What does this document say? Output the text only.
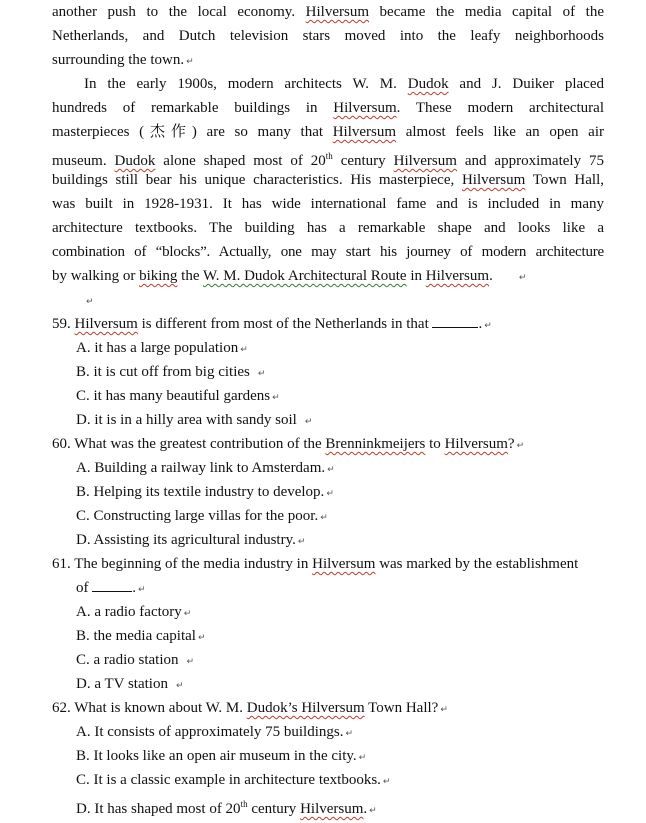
another push to the local economy. Hilversum became the media capital of the
Netherlands, and Dutch television stars moved into the leafy neighborhoods
surrounding the town. ↵
In the early 1900s, modern architects W. M. Dudok and J. Duiker placed
hundreds of remarkable buildings in Hilversum. These modern architectural
masterpieces (杰作) are so many that Hilversum almost feels like an open air
museum. Dudok alone shaped most of 20th century Hilversum and approximately 75
buildings still bear his unique characteristics. His masterpiece, Hilversum Town Hall,
was built in 1928-1931. It has wide international fame and is included in many
architecture textbooks. The building has a remarkable shape and looks like a
combination of “blocks”. Actually, one may start his journey of modern architecture
by walking or biking the W. M. Dudok Architectural Route in Hilversum.	↵
↵
59. Hilversum is different from most of the Netherlands in that	. ↵
A. it has a large population ↵
B. it is cut off from big cities ↵
C. it has many beautiful gardens ↵
D. it is in a hilly area with sandy soil ↵
60. What was the greatest contribution of the Brenninkmeijers to Hilversum? ↵
A. Building a railway link to Amsterdam. ↵
B. Helping its textile industry to develop. ↵
C. Constructing large villas for the poor. ↵
D. Assisting its agricultural industry. ↵
61. The beginning of the media industry in Hilversum was marked by the establishment
of	. ↵
A. a radio factory ↵
B. the media capital ↵
C. a radio station ↵
D. a TV station ↵
62. What is known about W. M. Dudok’s Hilversum Town Hall? ↵
A. It consists of approximately 75 buildings. ↵
B. It looks like an open air museum in the city. ↵
C. It is a classic example in architecture textbooks. ↵
D. It has shaped most of 20th century Hilversum. ↵
